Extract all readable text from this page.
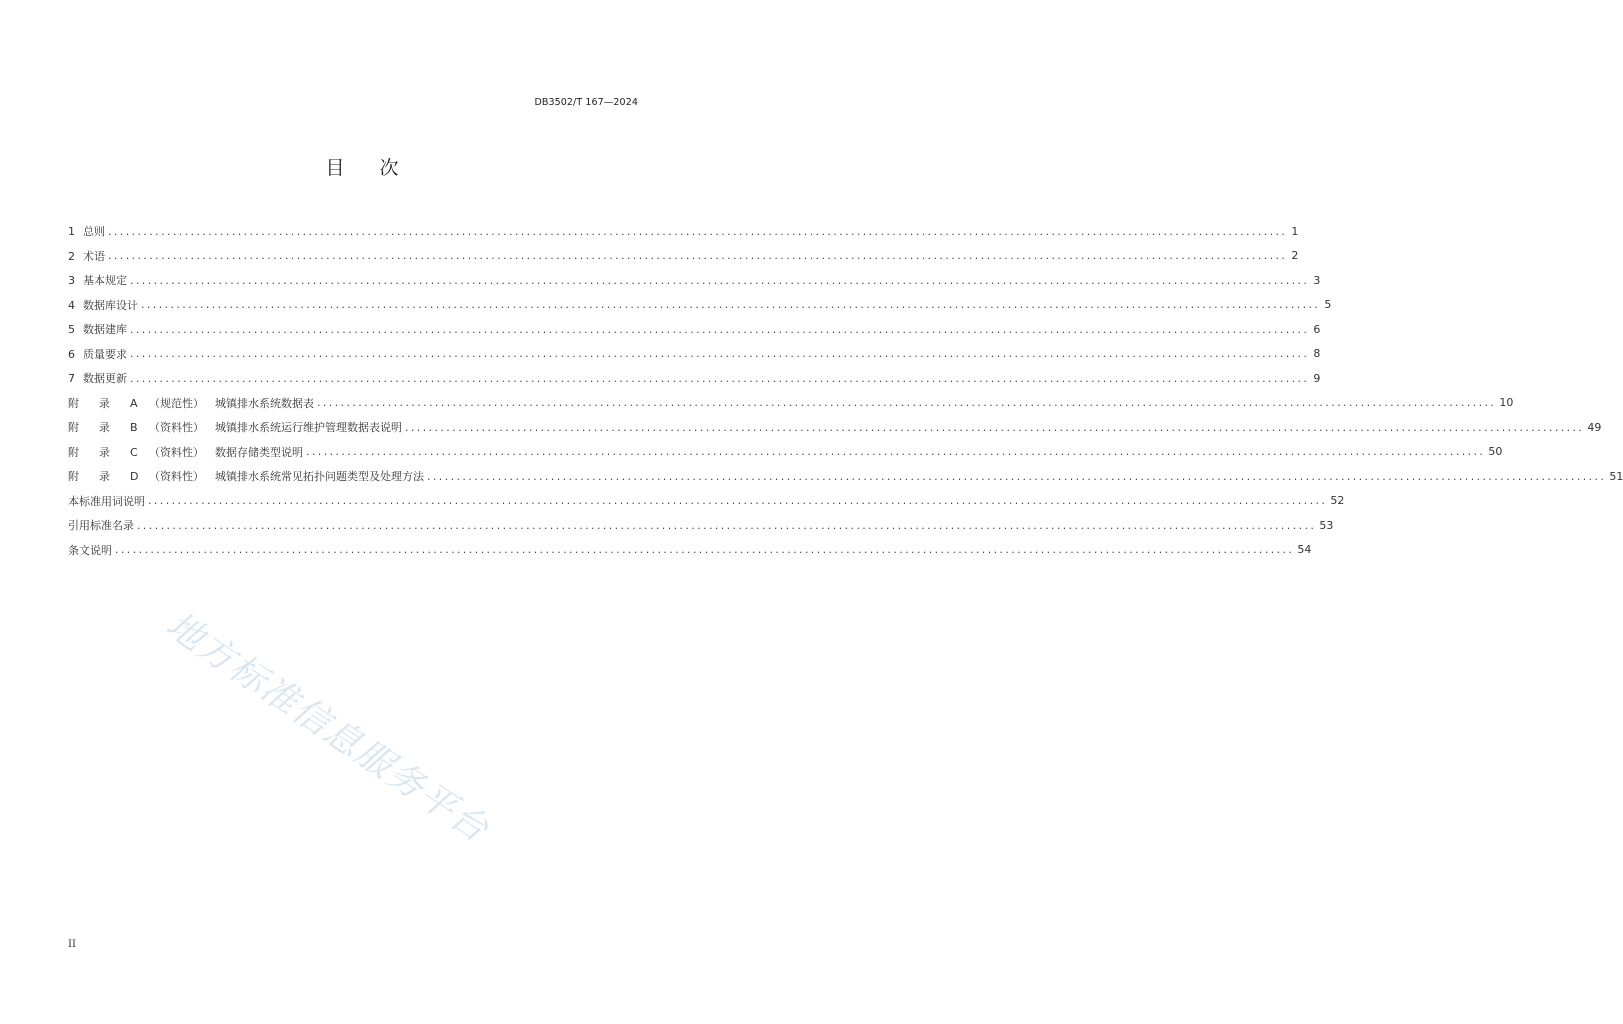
DB3502/T 167—2024
目次
1 总则 ........................................................................................................................................................................................................ 1
2 术语 ........................................................................................................................................................................................................ 2
3 基本规定 ........................................................................................................................................................................................................ 3
4 数据库设计 ........................................................................................................................................................................................................ 5
5 数据建库 ........................................................................................................................................................................................................ 6
6 质量要求 ........................................................................................................................................................................................................ 8
7 数据更新 ........................................................................................................................................................................................................ 9
附 录 A （规范性） 城镇排水系统数据表 ........................................................................................................................................................................................................ 10
附 录 B （资料性） 城镇排水系统运行维护管理数据表说明 ........................................................................................................................................................................................................ 49
附 录 C （资料性） 数据存储类型说明 ........................................................................................................................................................................................................ 50
附 录 D （资料性） 城镇排水系统常见拓扑问题类型及处理方法 ........................................................................................................................................................................................................ 51
本标准用词说明 ........................................................................................................................................................................................................ 52
引用标准名录 ........................................................................................................................................................................................................ 53
条文说明 ........................................................................................................................................................................................................ 54
地方标准信息服务平台
II
